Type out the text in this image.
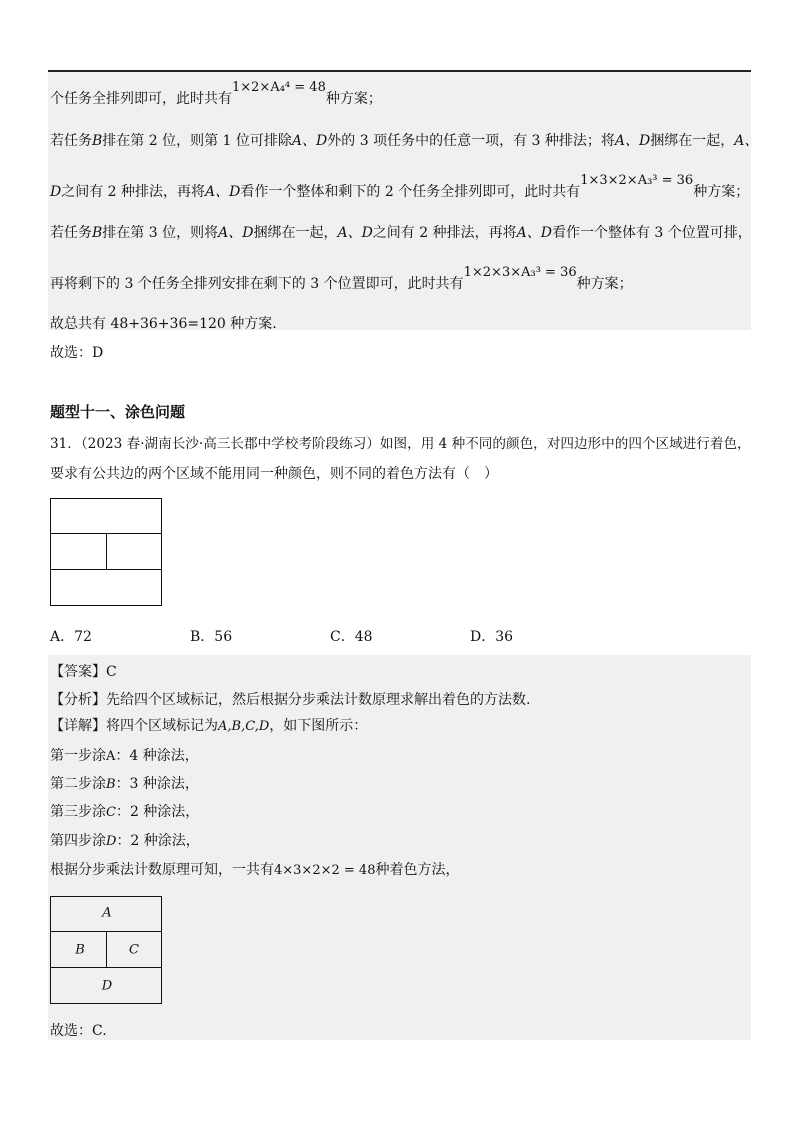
个任务全排列即可，此时共有1×2×A₄⁴ = 48种方案；
若任务B排在第 2 位，则第 1 位可排除A、D外的 3 项任务中的任意一项，有 3 种排法；将A、D捆绑在一起，A、
D之间有 2 种排法，再将A、D看作一个整体和剩下的 2 个任务全排列即可，此时共有1×3×2×A₃³ = 36种方案；
若任务B排在第 3 位，则将A、D捆绑在一起，A、D之间有 2 种排法，再将A、D看作一个整体有 3 个位置可排，
再将剩下的 3 个任务全排列安排在剩下的 3 个位置即可，此时共有1×2×3×A₃³ = 36种方案；
故总共有 48+36+36=120 种方案.
故选：D
题型十一、涂色问题
31．（2023 春·湖南长沙·高三长郡中学校考阶段练习）如图，用 4 种不同的颜色，对四边形中的四个区域进行着色，
要求有公共边的两个区域不能用同一种颜色，则不同的着色方法有（　）
A．72	B．56	C．48	D．36
【答案】C
【分析】先给四个区域标记，然后根据分步乘法计数原理求解出着色的方法数.
【详解】将四个区域标记为A,B,C,D，如下图所示：
第一步涂A：4 种涂法，
第二步涂B：3 种涂法，
第三步涂C：2 种涂法，
第四步涂D：2 种涂法，
根据分步乘法计数原理可知，一共有4×3×2×2 = 48种着色方法，
A
B	C
D
故选：C.
